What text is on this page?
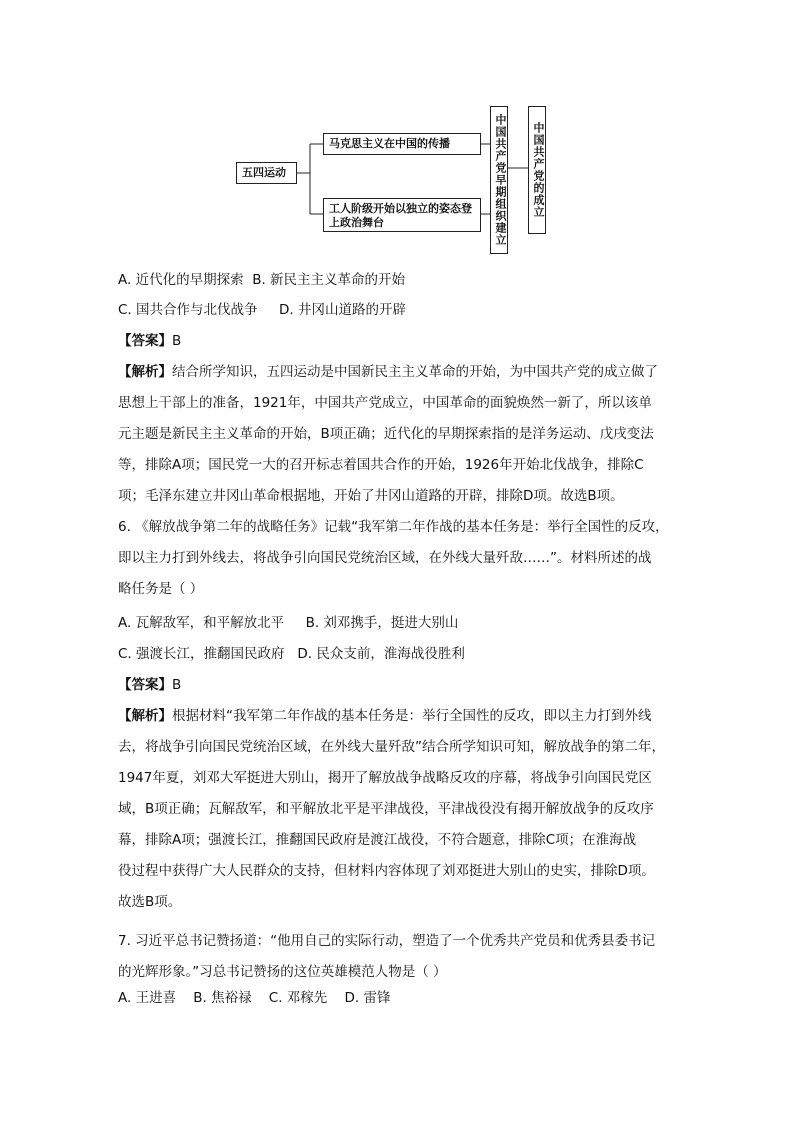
五四运动
马克思主义在中国的传播
工人阶级开始以独立的姿态登上政治舞台	中国共产党早期组织建立	中国共产党的成立
A. 近代化的早期探索 B. 新民主主义革命的开始
C. 国共合作与北伐战争 D. 井冈山道路的开辟
【答案】B
【解析】结合所学知识，五四运动是中国新民主主义革命的开始，为中国共产党的成立做了
思想上干部上的准备，1921年，中国共产党成立，中国革命的面貌焕然一新了，所以该单
元主题是新民主主义革命的开始，B项正确；近代化的早期探索指的是洋务运动、戊戌变法
等，排除A项；国民党一大的召开标志着国共合作的开始，1926年开始北伐战争，排除C
项；毛泽东建立井冈山革命根据地，开始了井冈山道路的开辟，排除D项。故选B项。
6. 《解放战争第二年的战略任务》记载“我军第二年作战的基本任务是：举行全国性的反攻，
即以主力打到外线去，将战争引向国民党统治区域，在外线大量歼敌……”。材料所述的战
略任务是（ ）
A. 瓦解敌军，和平解放北平 B. 刘邓携手，挺进大别山
C. 强渡长江，推翻国民政府 D. 民众支前，淮海战役胜利
【答案】B
【解析】根据材料“我军第二年作战的基本任务是：举行全国性的反攻，即以主力打到外线
去，将战争引向国民党统治区域，在外线大量歼敌”结合所学知识可知，解放战争的第二年，
1947年夏，刘邓大军挺进大别山，揭开了解放战争战略反攻的序幕，将战争引向国民党区
域，B项正确；瓦解敌军，和平解放北平是平津战役，平津战役没有揭开解放战争的反攻序
幕，排除A项；强渡长江，推翻国民政府是渡江战役，不符合题意，排除C项；在淮海战
役过程中获得广大人民群众的支持，但材料内容体现了刘邓挺进大别山的史实，排除D项。
故选B项。
7. 习近平总书记赞扬道：“他用自己的实际行动，塑造了一个优秀共产党员和优秀县委书记
的光辉形象。”习总书记赞扬的这位英雄模范人物是（ ）
A. 王进喜 B. 焦裕禄 C. 邓稼先 D. 雷锋
